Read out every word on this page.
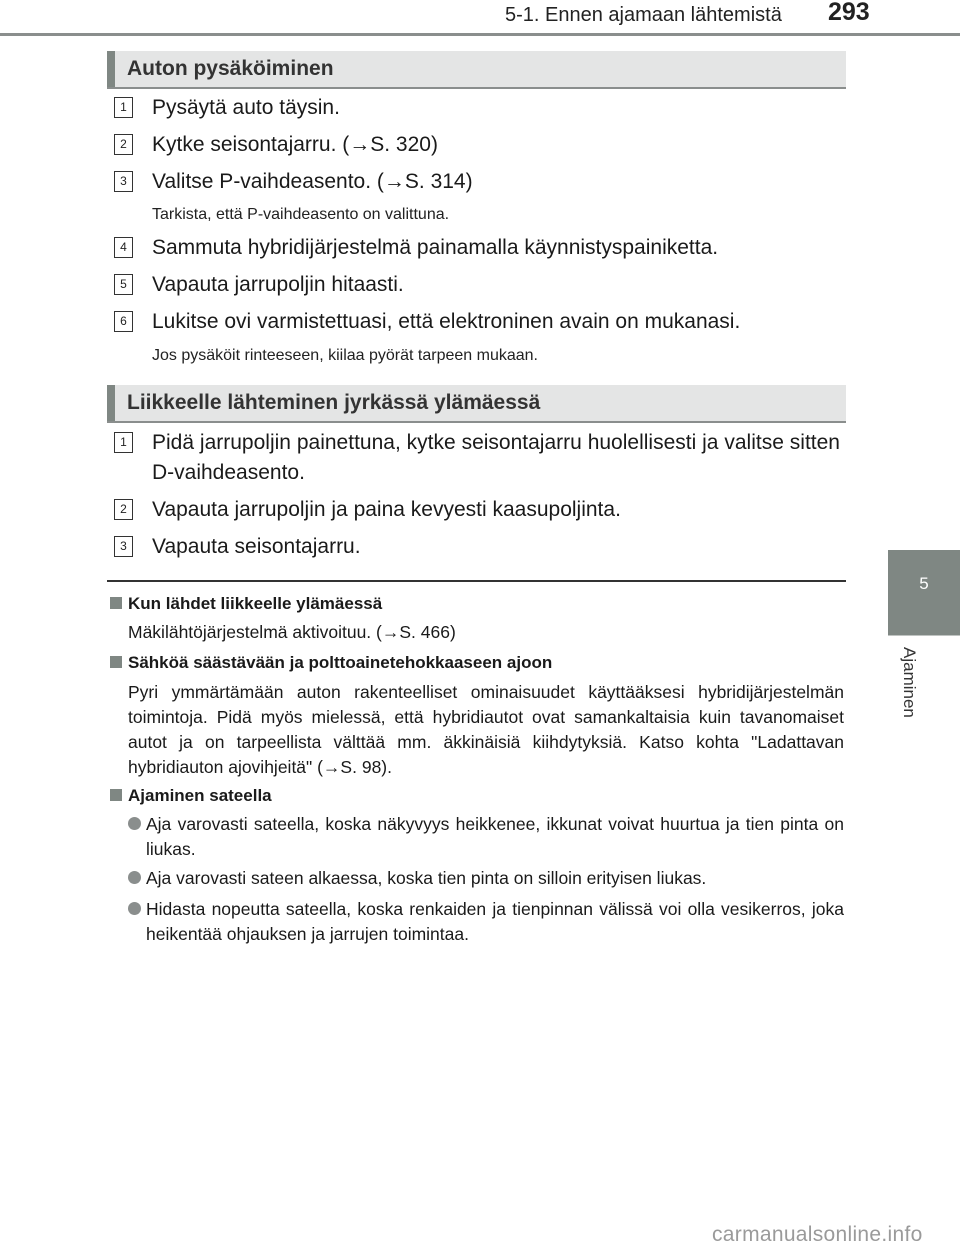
5-1. Ennen ajamaan lähtemistä 293
5
Ajaminen
Auton pysäköiminen
1 Pysäytä auto täysin.
2 Kytke seisontajarru. (→S. 320)
3 Valitse P-vaihdeasento. (→S. 314)
Tarkista, että P-vaihdeasento on valittuna.
4 Sammuta hybridijärjestelmä painamalla käynnistyspainiketta.
5 Vapauta jarrupoljin hitaasti.
6 Lukitse ovi varmistettuasi, että elektroninen avain on mukanasi.
Jos pysäköit rinteeseen, kiilaa pyörät tarpeen mukaan.
Liikkeelle lähteminen jyrkässä ylämäessä
1 Pidä jarrupoljin painettuna, kytke seisontajarru huolellisesti ja valitse sitten D-vaihdeasento.
2 Vapauta jarrupoljin ja paina kevyesti kaasupoljinta.
3 Vapauta seisontajarru.
Kun lähdet liikkeelle ylämäessä
Mäkilähtöjärjestelmä aktivoituu. (→S. 466)
Sähköä säästävään ja polttoainetehokkaaseen ajoon
Pyri ymmärtämään auton rakenteelliset ominaisuudet käyttääksesi hybridijärjestelmän toimintoja. Pidä myös mielessä, että hybridiautot ovat samankaltaisia kuin tavanomaiset autot ja on tarpeellista välttää mm. äkkinäisiä kiihdytyksiä. Katso kohta "Ladattavan hybridiauton ajovihjeitä" (→S. 98).
Ajaminen sateella
Aja varovasti sateella, koska näkyvyys heikkenee, ikkunat voivat huurtua ja tien pinta on liukas.
Aja varovasti sateen alkaessa, koska tien pinta on silloin erityisen liukas.
Hidasta nopeutta sateella, koska renkaiden ja tienpinnan välissä voi olla vesikerros, joka heikentää ohjauksen ja jarrujen toimintaa.
carmanualsonline.info
